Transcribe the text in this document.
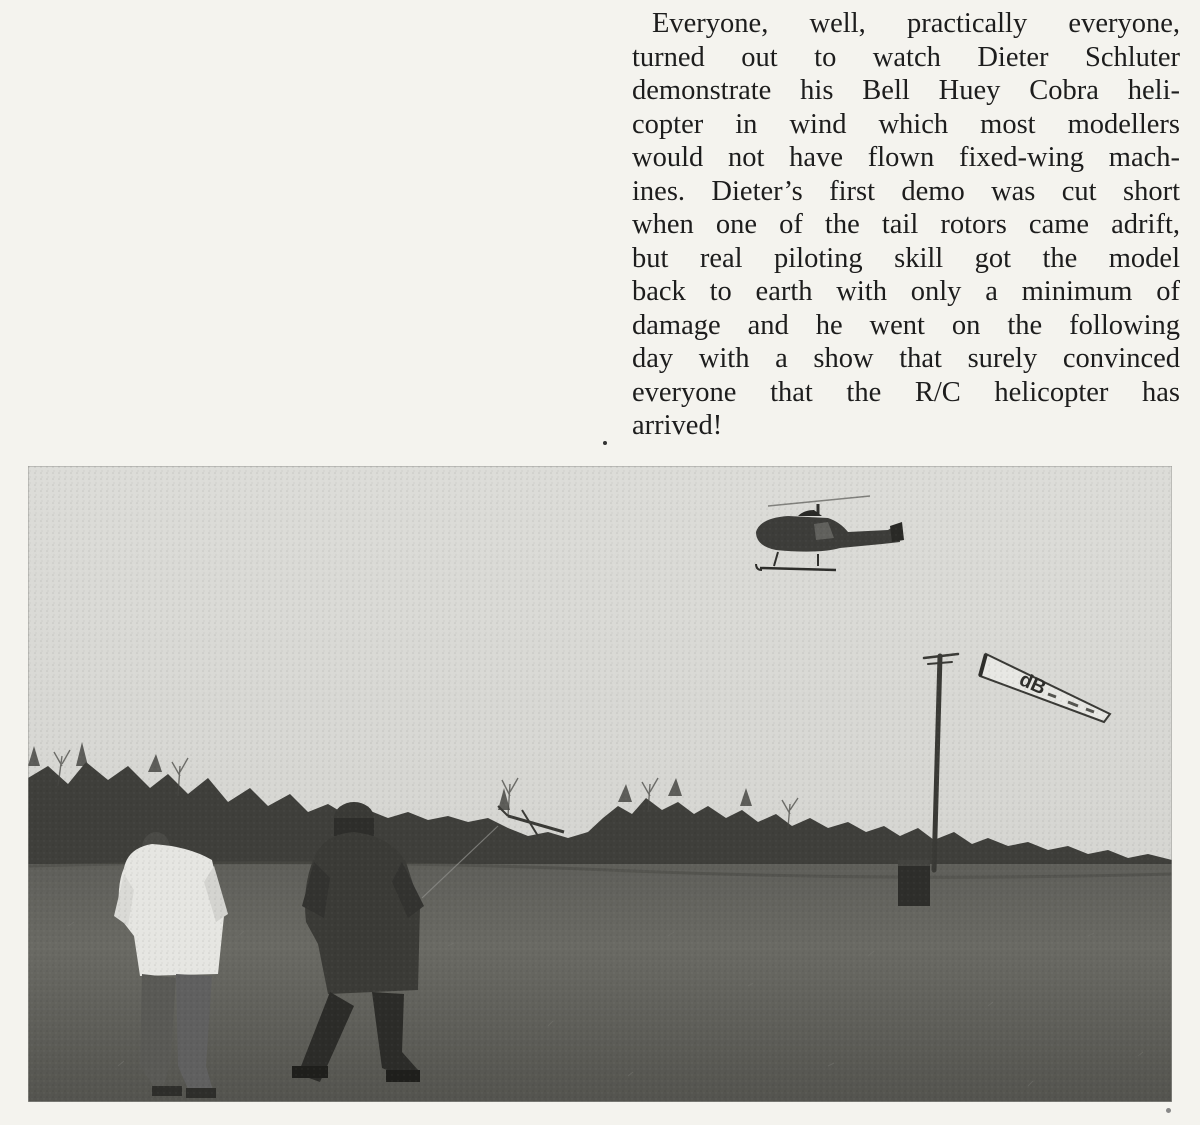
Everyone, well, practically everyone,
turned out to watch Dieter Schluter
demonstrate his Bell Huey Cobra heli-
copter in wind which most modellers
would not have flown fixed-wing mach-
ines. Dieter’s first demo was cut short
when one of the tail rotors came adrift,
but real piloting skill got the model
back to earth with only a minimum of
damage and he went on the following
day with a show that surely convinced
everyone that the R/C helicopter has
arrived!
